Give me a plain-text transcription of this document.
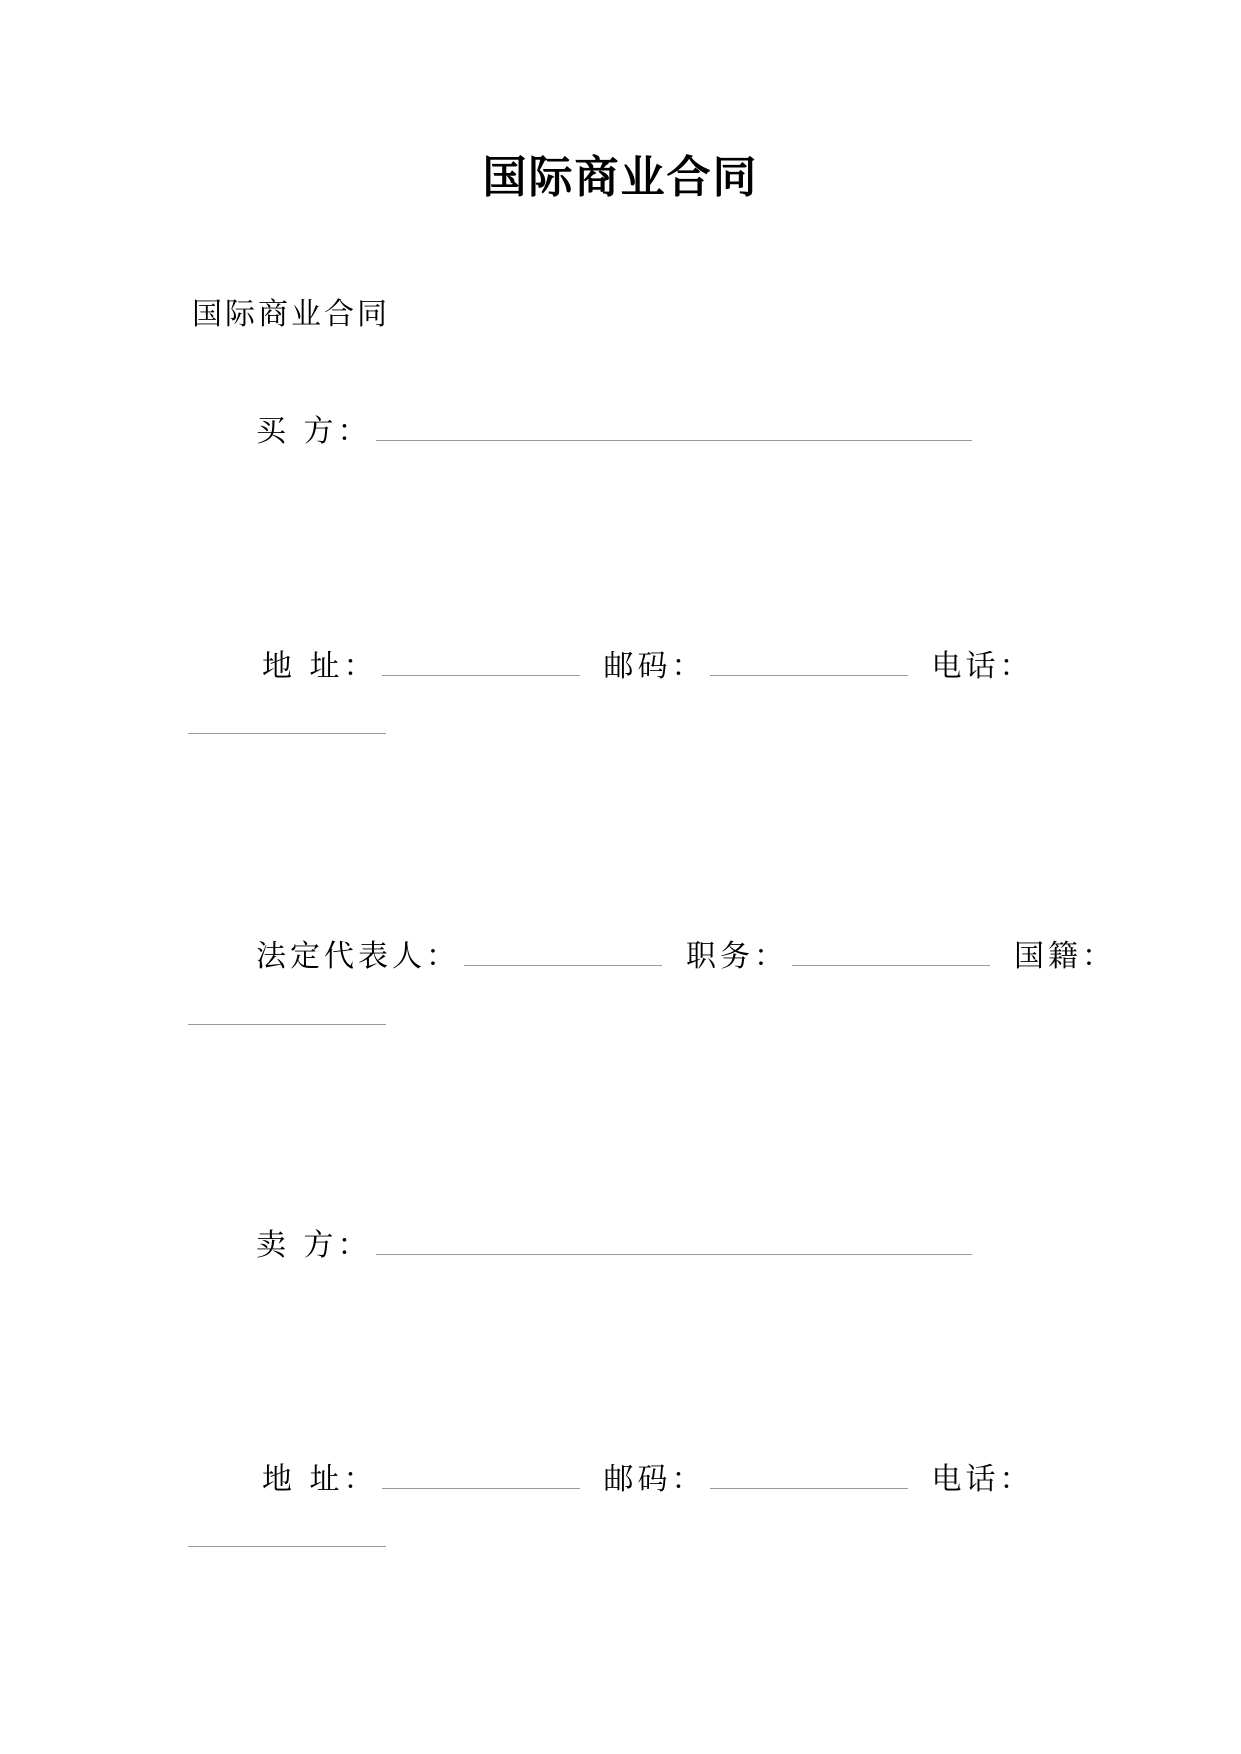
国际商业合同
国际商业合同
买 方：
地 址：	邮码：	电话：
法定代表人：	职务：	国籍：
卖 方：
地 址：	邮码：	电话：
